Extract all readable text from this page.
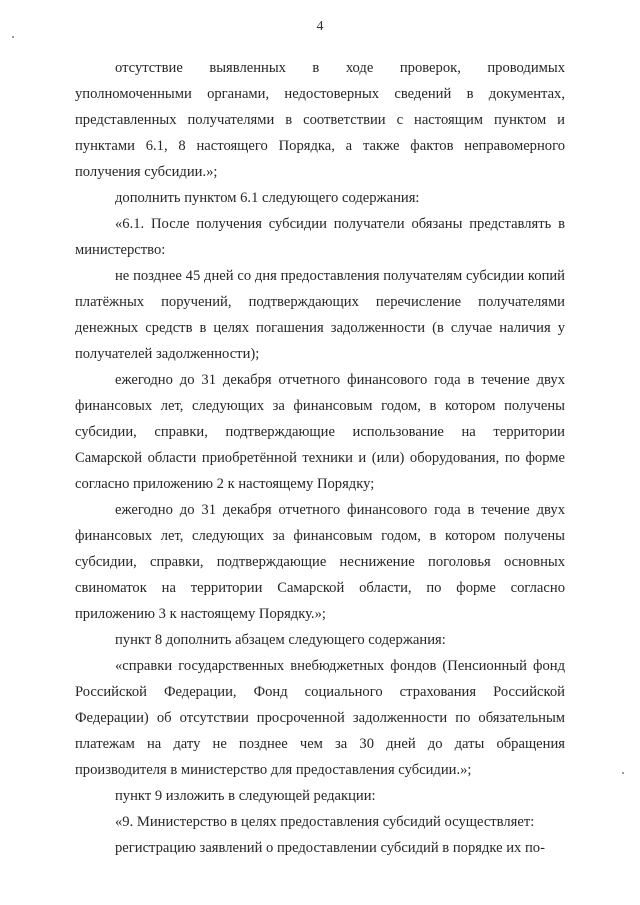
4

отсутствие выявленных в ходе проверок, проводимых уполномоченными органами, недостоверных сведений в документах, представленных получателями в соответствии с настоящим пунктом и пунктами 6.1, 8 настоящего Порядка, а также фактов неправомерного получения субсидии.»;

дополнить пунктом 6.1 следующего содержания:

«6.1. После получения субсидии получатели обязаны представлять в министерство:

не позднее 45 дней со дня предоставления получателям субсидии копий платёжных поручений, подтверждающих перечисление получателями денежных средств в целях погашения задолженности (в случае наличия у получателей задолженности);

ежегодно до 31 декабря отчетного финансового года в течение двух финансовых лет, следующих за финансовым годом, в котором получены субсидии, справки, подтверждающие использование на территории Самарской области приобретённой техники и (или) оборудования, по форме согласно приложению 2 к настоящему Порядку;

ежегодно до 31 декабря отчетного финансового года в течение двух финансовых лет, следующих за финансовым годом, в котором получены субсидии, справки, подтверждающие неснижение поголовья основных свиноматок на территории Самарской области, по форме согласно приложению 3 к настоящему Порядку.»;

пункт 8 дополнить абзацем следующего содержания:

«справки государственных внебюджетных фондов (Пенсионный фонд Российской Федерации, Фонд социального страхования Российской Федерации) об отсутствии просроченной задолженности по обязательным платежам на дату не позднее чем за 30 дней до даты обращения производителя в министерство для предоставления субсидии.»;

пункт 9 изложить в следующей редакции:

«9. Министерство в целях предоставления субсидий осуществляет:

регистрацию заявлений о предоставлении субсидий в порядке их по-
